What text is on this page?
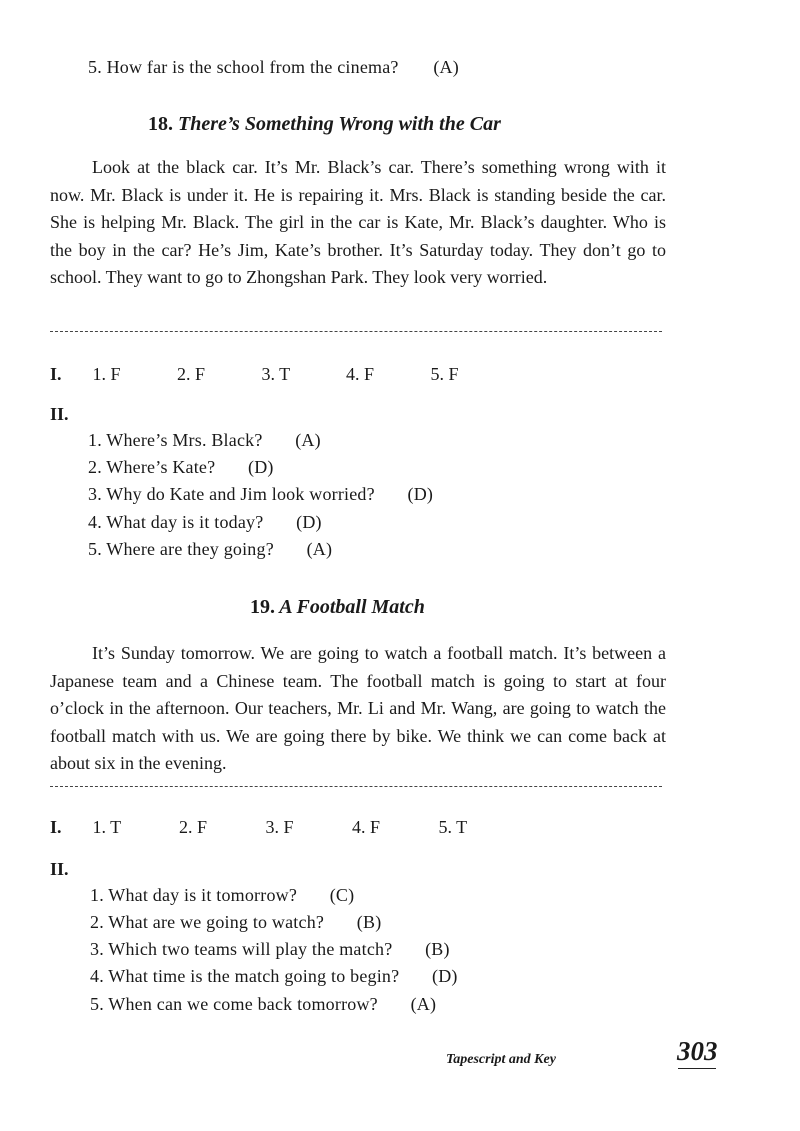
5. How far is the school from the cinema? (A)
18. There’s Something Wrong with the Car
Look at the black car. It’s Mr. Black’s car. There’s something wrong with it now. Mr. Black is under it. He is repairing it. Mrs. Black is standing beside the car. She is helping Mr. Black. The girl in the car is Kate, Mr. Black’s daughter. Who is the boy in the car? He’s Jim, Kate’s brother. It’s Saturday today. They don’t go to school. They want to go to Zhongshan Park. They look very worried.
I. 1. F	2. F	3. T	4. F	5. F
II.
1. Where’s Mrs. Black? (A)
2. Where’s Kate? (D)
3. Why do Kate and Jim look worried? (D)
4. What day is it today? (D)
5. Where are they going? (A)
19. A Football Match
It’s Sunday tomorrow. We are going to watch a football match. It’s between a Japanese team and a Chinese team. The football match is going to start at four o’clock in the afternoon. Our teachers, Mr. Li and Mr. Wang, are going to watch the football match with us. We are going there by bike. We think we can come back at about six in the evening.
I. 1. T	2. F	3. F	4. F	5. T
II.
1. What day is it tomorrow? (C)
2. What are we going to watch? (B)
3. Which two teams will play the match? (B)
4. What time is the match going to begin? (D)
5. When can we come back tomorrow? (A)
Tapescript and Key	303
